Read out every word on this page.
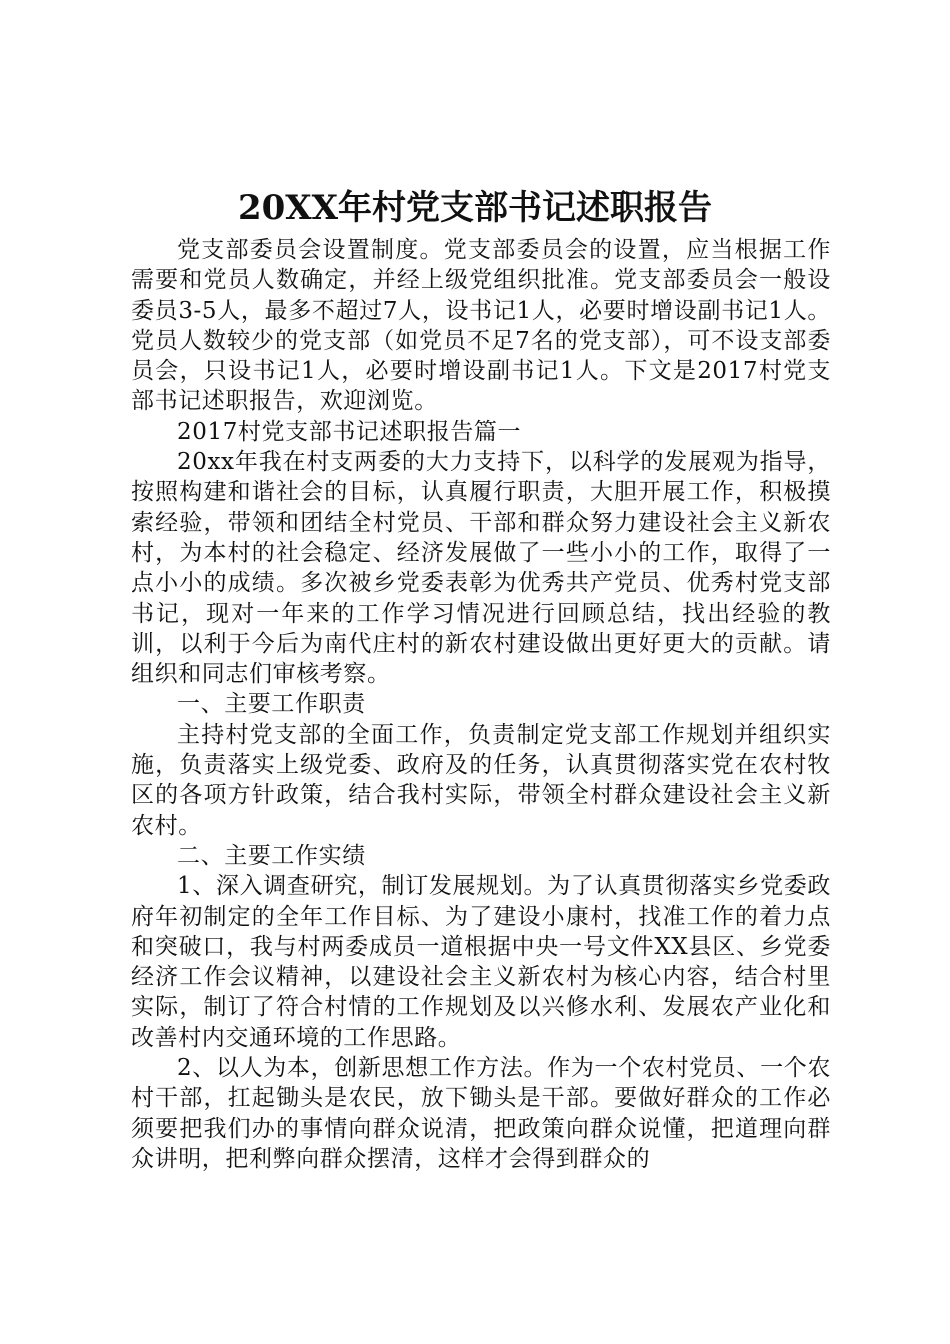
20XX年村党支部书记述职报告

党支部委员会设置制度。党支部委员会的设置，应当根据工作需要和党员人数确定，并经上级党组织批准。党支部委员会一般设委员3-5人，最多不超过7人，设书记1人，必要时增设副书记1人。党员人数较少的党支部（如党员不足7名的党支部），可不设支部委员会，只设书记1人，必要时增设副书记1人。下文是2017村党支部书记述职报告，欢迎浏览。

2017村党支部书记述职报告篇一

20xx年我在村支两委的大力支持下，以科学的发展观为指导，按照构建和谐社会的目标，认真履行职责，大胆开展工作，积极摸索经验，带领和团结全村党员、干部和群众努力建设社会主义新农村，为本村的社会稳定、经济发展做了一些小小的工作，取得了一点小小的成绩。多次被乡党委表彰为优秀共产党员、优秀村党支部书记，现对一年来的工作学习情况进行回顾总结，找出经验的教训，以利于今后为南代庄村的新农村建设做出更好更大的贡献。请组织和同志们审核考察。

一、主要工作职责

主持村党支部的全面工作，负责制定党支部工作规划并组织实施，负责落实上级党委、政府及的任务，认真贯彻落实党在农村牧区的各项方针政策，结合我村实际，带领全村群众建设社会主义新农村。

二、主要工作实绩

1、深入调查研究，制订发展规划。为了认真贯彻落实乡党委政府年初制定的全年工作目标、为了建设小康村，找准工作的着力点和突破口，我与村两委成员一道根据中央一号文件XX县区、乡党委经济工作会议精神，以建设社会主义新农村为核心内容，结合村里实际，制订了符合村情的工作规划及以兴修水利、发展农产业化和改善村内交通环境的工作思路。

2、以人为本，创新思想工作方法。作为一个农村党员、一个农村干部，扛起锄头是农民，放下锄头是干部。要做好群众的工作必须要把我们办的事情向群众说清，把政策向群众说懂，把道理向群众讲明，把利弊向群众摆清，这样才会得到群众的
